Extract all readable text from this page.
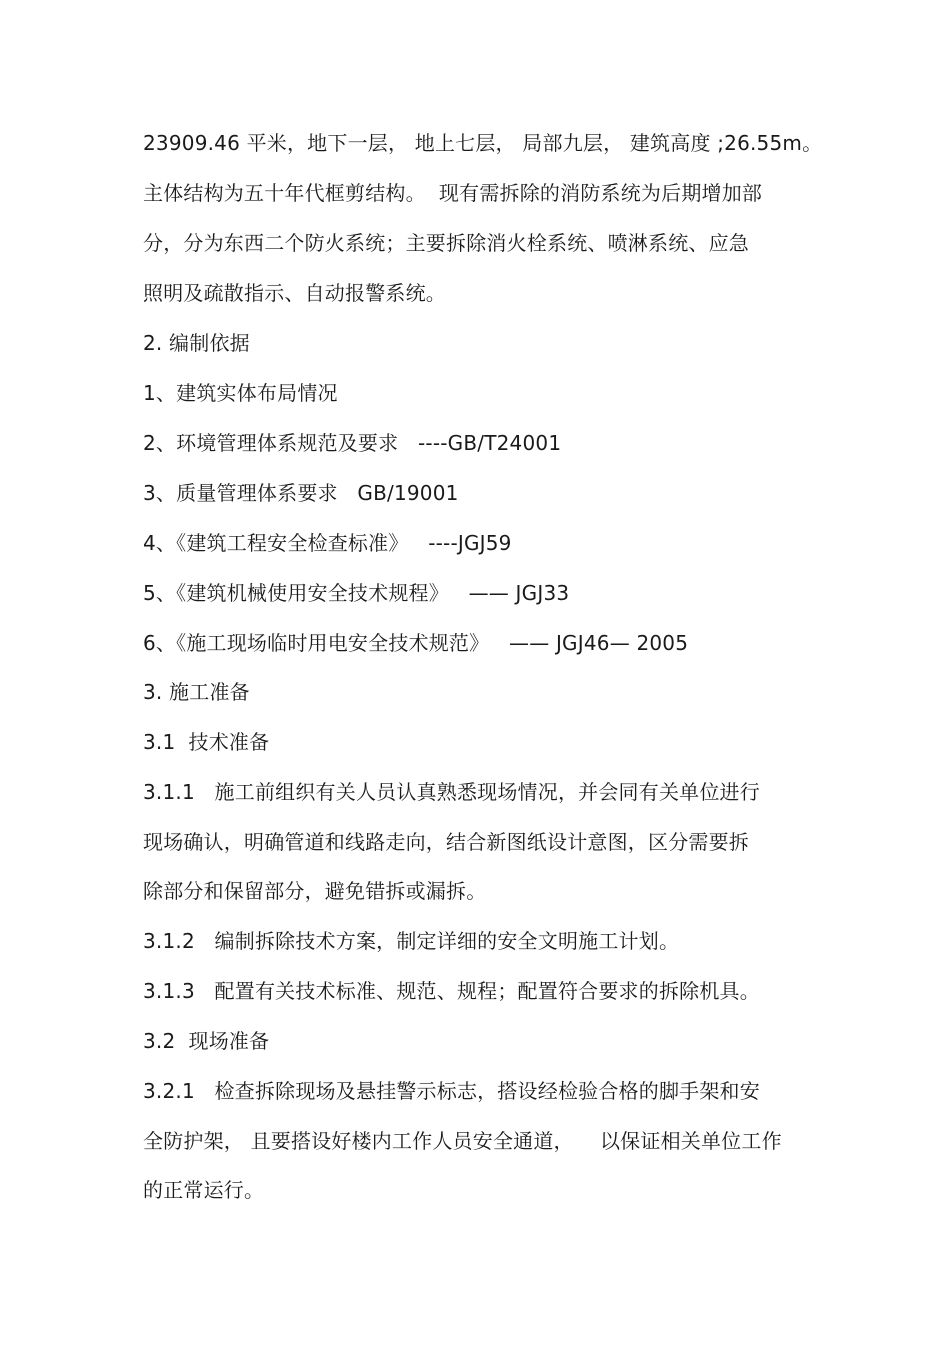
23909.46 平米，地下一层， 地上七层， 局部九层， 建筑高度 ;26.55m。
主体结构为五十年代框剪结构。  现有需拆除的消防系统为后期增加部
分，分为东西二个防火系统；主要拆除消火栓系统、喷淋系统、应急
照明及疏散指示、自动报警系统。
2. 编制依据
1、建筑实体布局情况
2、环境管理体系规范及要求   ----GB/T24001
3、质量管理体系要求   GB/19001
4、《建筑工程安全检查标准》   ----JGJ59
5、《建筑机械使用安全技术规程》   —— JGJ33
6、《施工现场临时用电安全技术规范》   —— JGJ46— 2005
3. 施工准备
3.1  技术准备
3.1.1   施工前组织有关人员认真熟悉现场情况，并会同有关单位进行
现场确认，明确管道和线路走向，结合新图纸设计意图，区分需要拆
除部分和保留部分，避免错拆或漏拆。
3.1.2   编制拆除技术方案，制定详细的安全文明施工计划。
3.1.3   配置有关技术标准、规范、规程；配置符合要求的拆除机具。
3.2  现场准备
3.2.1   检查拆除现场及悬挂警示标志，搭设经检验合格的脚手架和安
全防护架， 且要搭设好楼内工作人员安全通道，    以保证相关单位工作
的正常运行。
